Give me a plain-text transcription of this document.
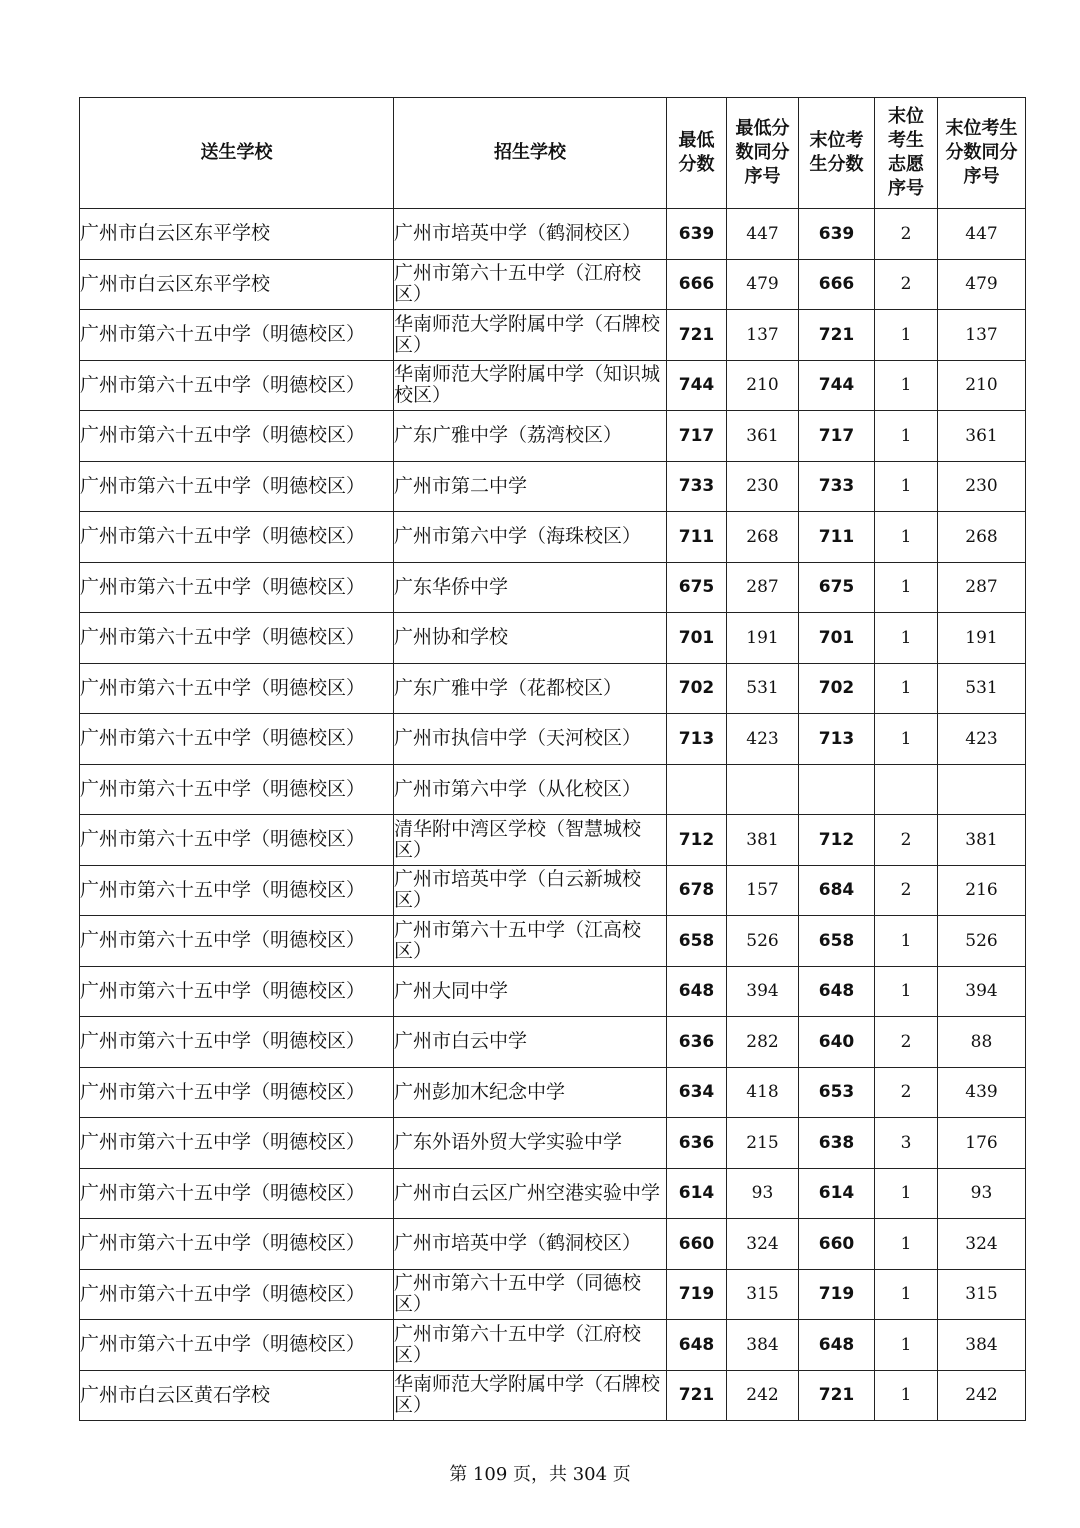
送生学校	招生学校	最低分数	最低分数同分序号	末位考生分数	末位考生志愿序号	末位考生分数同分序号

广州市白云区东平学校	广州市培英中学（鹤洞校区）	639	447	639	2	447
广州市白云区东平学校	广州市第六十五中学（江府校区）	666	479	666	2	479
广州市第六十五中学（明德校区）	华南师范大学附属中学（石牌校区）	721	137	721	1	137
广州市第六十五中学（明德校区）	华南师范大学附属中学（知识城校区）	744	210	744	1	210
广州市第六十五中学（明德校区）	广东广雅中学（荔湾校区）	717	361	717	1	361
广州市第六十五中学（明德校区）	广州市第二中学	733	230	733	1	230
广州市第六十五中学（明德校区）	广州市第六中学（海珠校区）	711	268	711	1	268
广州市第六十五中学（明德校区）	广东华侨中学	675	287	675	1	287
广州市第六十五中学（明德校区）	广州协和学校	701	191	701	1	191
广州市第六十五中学（明德校区）	广东广雅中学（花都校区）	702	531	702	1	531
广州市第六十五中学（明德校区）	广州市执信中学（天河校区）	713	423	713	1	423
广州市第六十五中学（明德校区）	广州市第六中学（从化校区）					
广州市第六十五中学（明德校区）	清华附中湾区学校（智慧城校区）	712	381	712	2	381
广州市第六十五中学（明德校区）	广州市培英中学（白云新城校区）	678	157	684	2	216
广州市第六十五中学（明德校区）	广州市第六十五中学（江高校区）	658	526	658	1	526
广州市第六十五中学（明德校区）	广州大同中学	648	394	648	1	394
广州市第六十五中学（明德校区）	广州市白云中学	636	282	640	2	88
广州市第六十五中学（明德校区）	广州彭加木纪念中学	634	418	653	2	439
广州市第六十五中学（明德校区）	广东外语外贸大学实验中学	636	215	638	3	176
广州市第六十五中学（明德校区）	广州市白云区广州空港实验中学	614	93	614	1	93
广州市第六十五中学（明德校区）	广州市培英中学（鹤洞校区）	660	324	660	1	324
广州市第六十五中学（明德校区）	广州市第六十五中学（同德校区）	719	315	719	1	315
广州市第六十五中学（明德校区）	广州市第六十五中学（江府校区）	648	384	648	1	384
广州市白云区黄石学校	华南师范大学附属中学（石牌校区）	721	242	721	1	242
第 109 页，共 304 页
